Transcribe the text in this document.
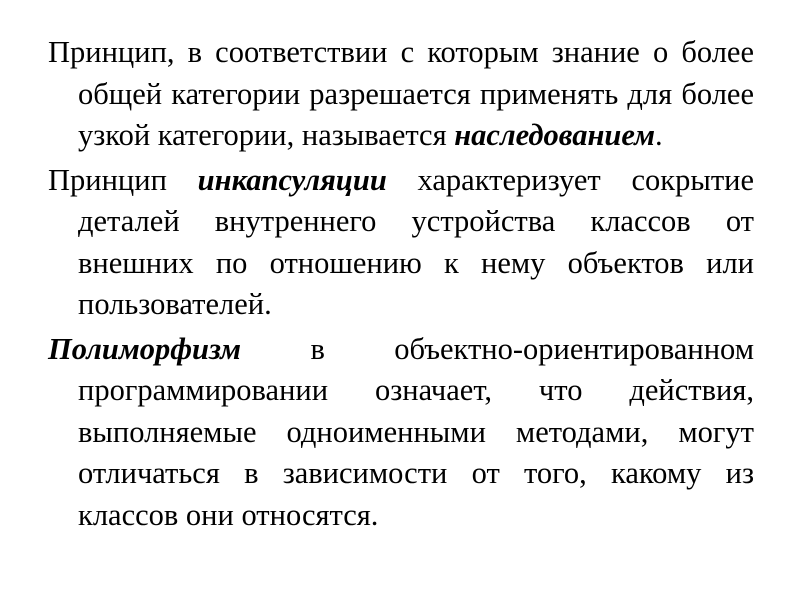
Принцип, в соответствии с которым знание о более общей категории разрешается применять для более узкой категории, называется наследованием.

Принцип инкапсуляции характеризует сокрытие деталей внутреннего устройства классов от внешних по отношению к нему объектов или пользователей.

Полиморфизм в объектно-ориентированном программировании означает, что действия, выполняемые одноименными методами, могут отличаться в зависимости от того, какому из классов они относятся.
